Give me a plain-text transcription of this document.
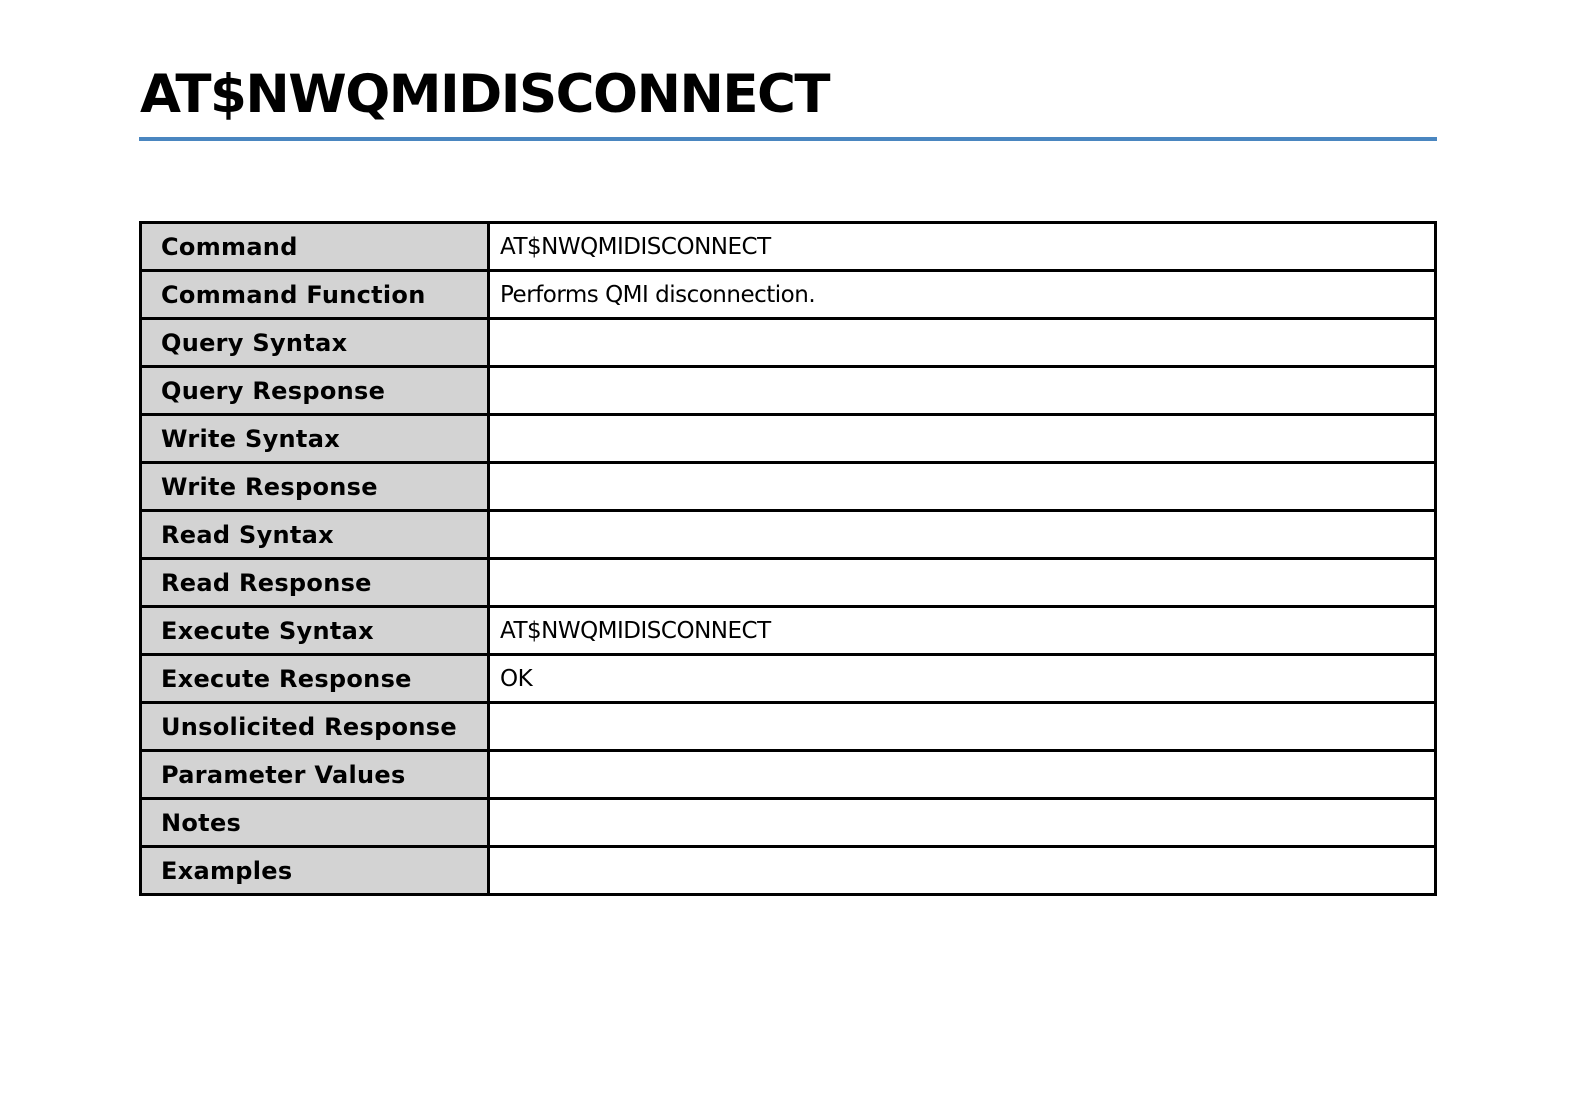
AT$NWQMIDISCONNECT
Command	AT$NWQMIDISCONNECT
Command Function	Performs QMI disconnection.
Query Syntax	
Query Response	
Write Syntax	
Write Response	
Read Syntax	
Read Response	
Execute Syntax	AT$NWQMIDISCONNECT
Execute Response	OK
Unsolicited Response	
Parameter Values	
Notes	
Examples	
